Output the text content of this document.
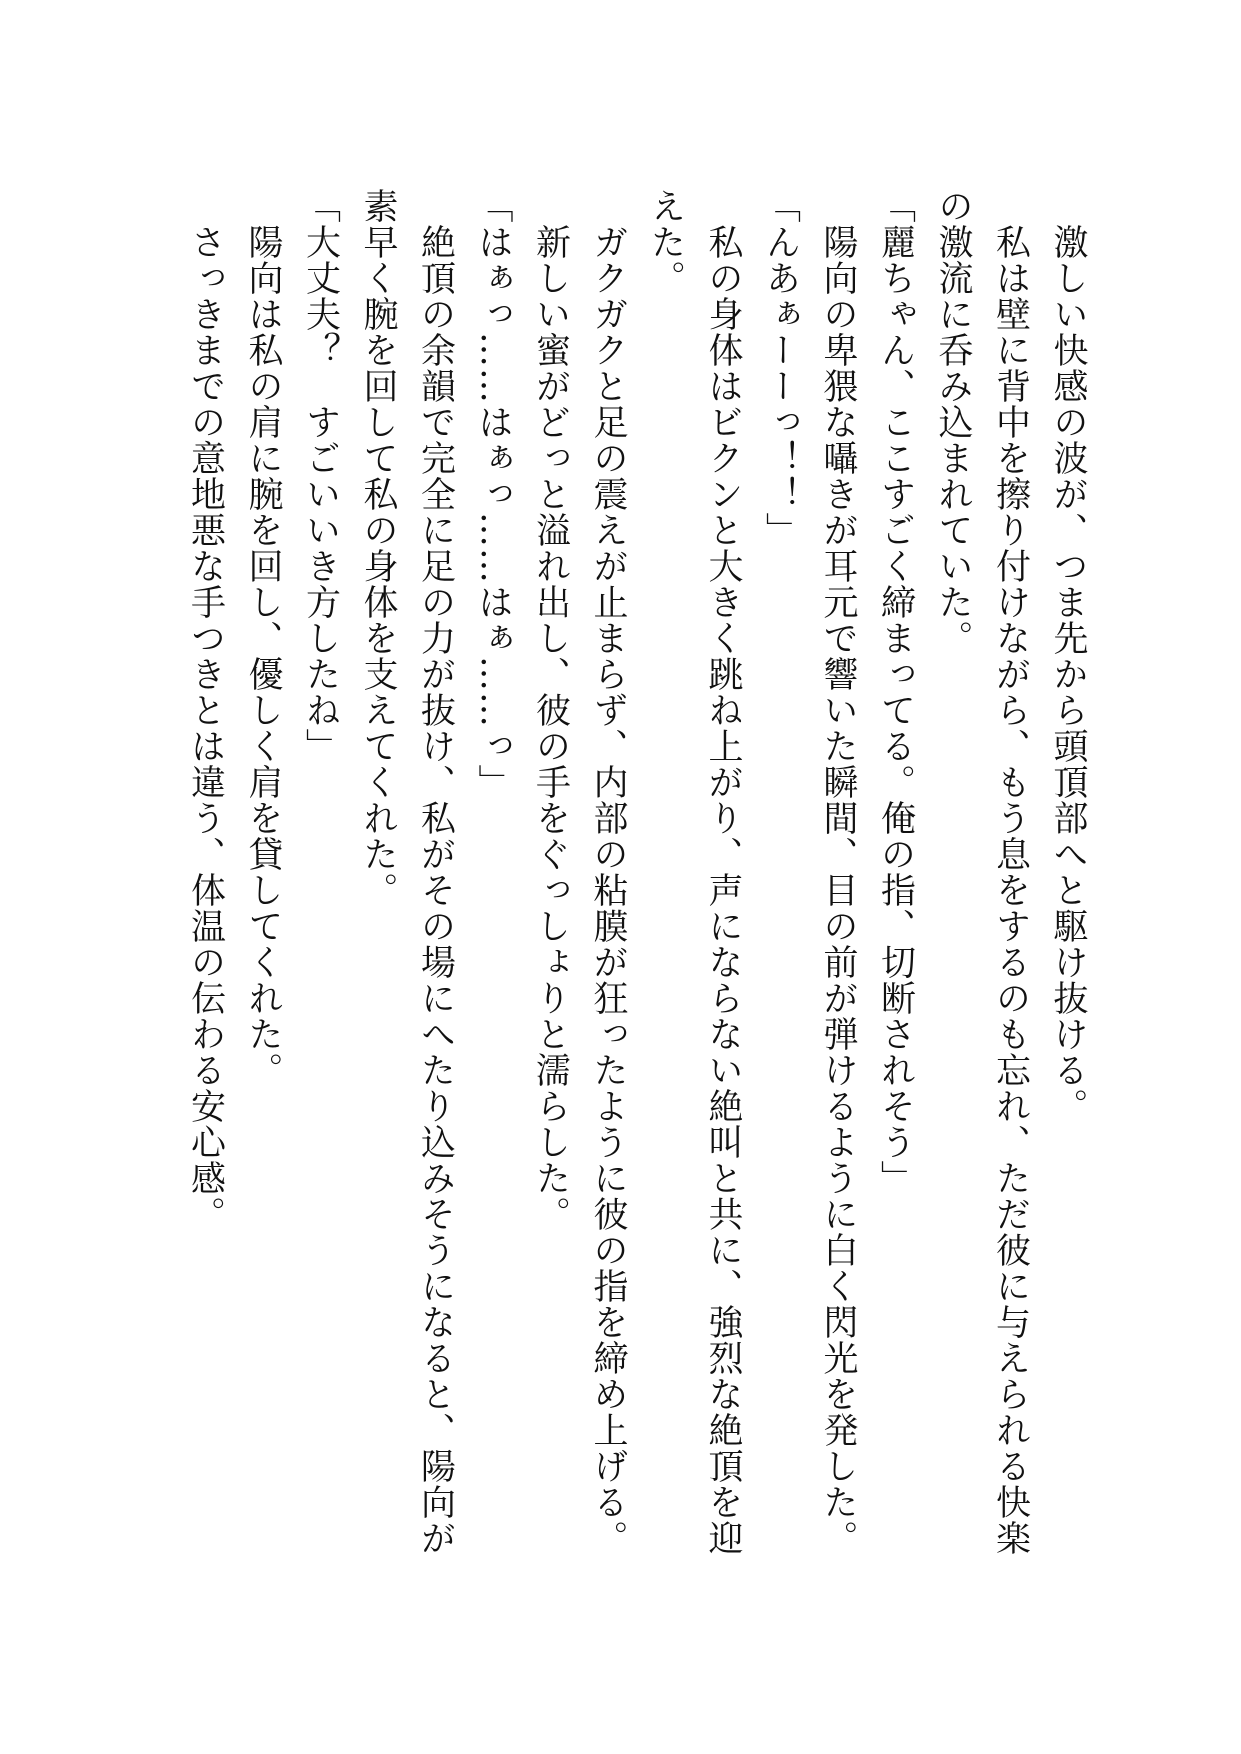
　激しい快感の波が、つま先から頭頂部へと駆け抜ける。

　私は壁に背中を擦り付けながら、もう息をするのも忘れ、ただ彼に与えられる快楽の激流に呑み込まれていた。

「麗ちゃん、ここすごく締まってる。俺の指、切断されそう」

　陽向の卑猥な囁きが耳元で響いた瞬間、目の前が弾けるように白く閃光を発した。

「んあぁーーっ！！」

　私の身体はビクンと大きく跳ね上がり、声にならない絶叫と共に、強烈な絶頂を迎えた。

　ガクガクと足の震えが止まらず、内部の粘膜が狂ったように彼の指を締め上げる。

　新しい蜜がどっと溢れ出し、彼の手をぐっしょりと濡らした。

「はぁっ……はぁっ……はぁ……っ」

　絶頂の余韻で完全に足の力が抜け、私がその場にへたり込みそうになると、陽向が素早く腕を回して私の身体を支えてくれた。

「大丈夫？　すごいいき方したね」

　陽向は私の肩に腕を回し、優しく肩を貸してくれた。

　さっきまでの意地悪な手つきとは違う、体温の伝わる安心感。
